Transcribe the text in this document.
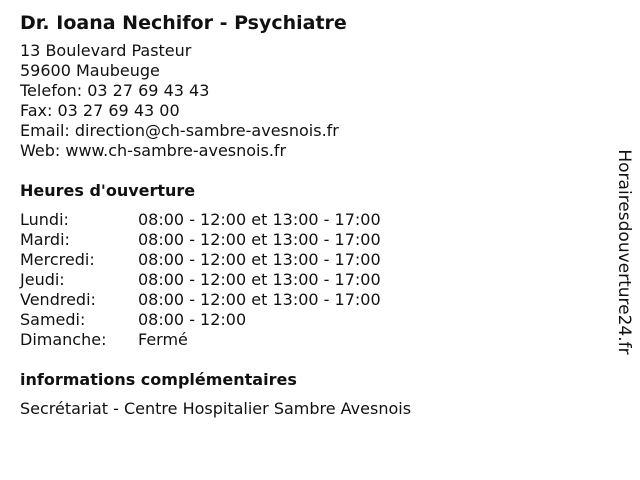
Dr. Ioana Nechifor - Psychiatre
13 Boulevard Pasteur
59600 Maubeuge
Telefon: 03 27 69 43 43
Fax: 03 27 69 43 00
Email: direction@ch-sambre-avesnois.fr
Web: www.ch-sambre-avesnois.fr
Heures d'ouverture
Lundi:	08:00 - 12:00 et 13:00 - 17:00
Mardi:	08:00 - 12:00 et 13:00 - 17:00
Mercredi:	08:00 - 12:00 et 13:00 - 17:00
Jeudi:	08:00 - 12:00 et 13:00 - 17:00
Vendredi:	08:00 - 12:00 et 13:00 - 17:00
Samedi:	08:00 - 12:00
Dimanche:	Fermé
informations complémentaires
Secrétariat - Centre Hospitalier Sambre Avesnois
Horairesdouverture24.fr
